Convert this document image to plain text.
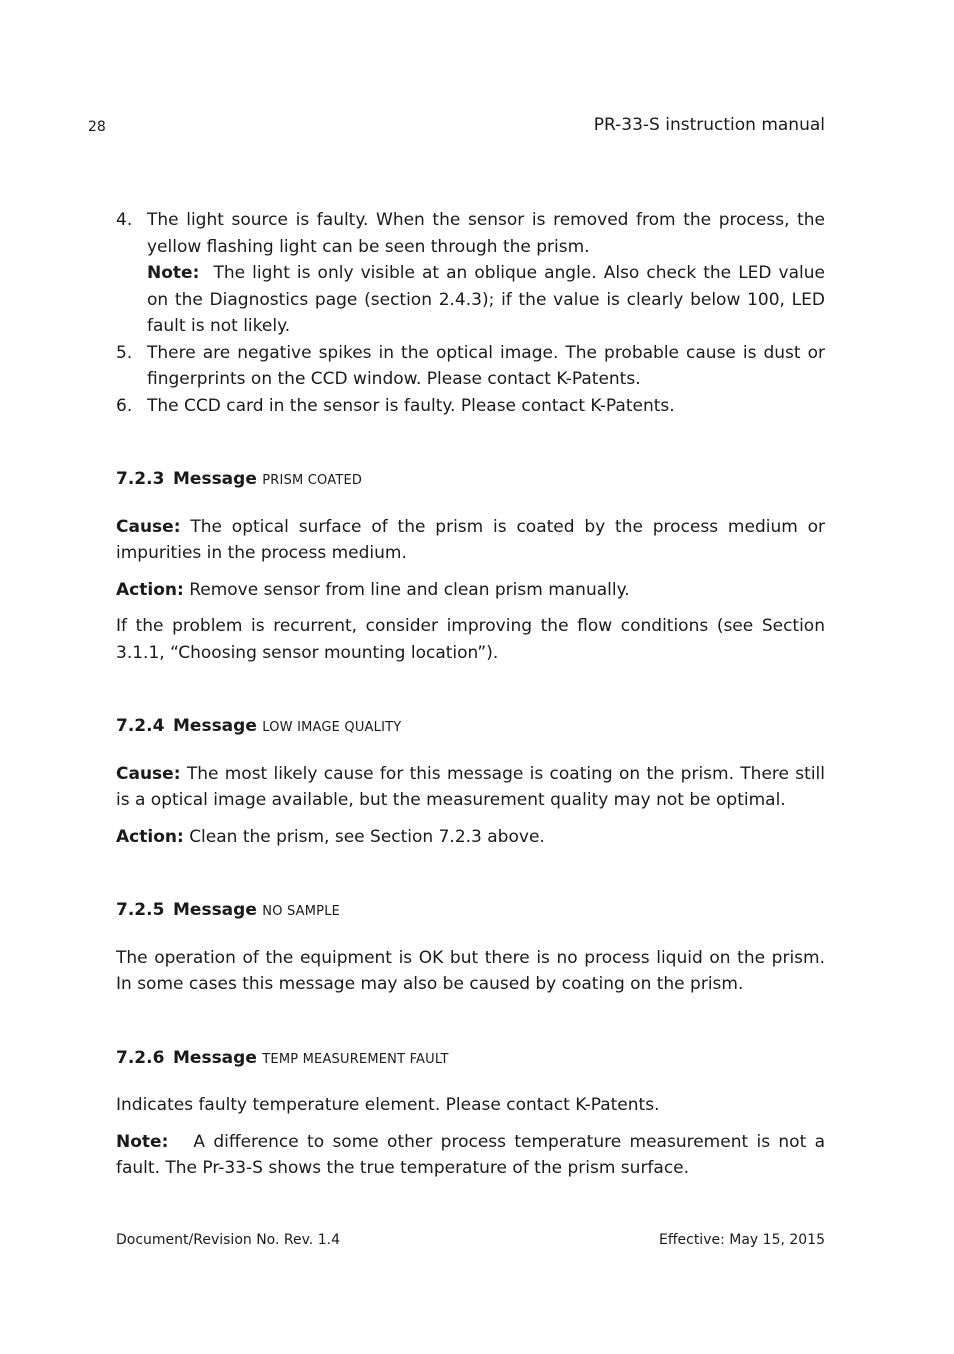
28	PR-33-S instruction manual
4. The light source is faulty. When the sensor is removed from the process, the yellow flashing light can be seen through the prism.
Note: The light is only visible at an oblique angle. Also check the LED value on the Diagnostics page (section 2.4.3); if the value is clearly below 100, LED fault is not likely.
5. There are negative spikes in the optical image. The probable cause is dust or fingerprints on the CCD window. Please contact K-Patents.
6. The CCD card in the sensor is faulty. Please contact K-Patents.
7.2.3 Message PRISM COATED

Cause: The optical surface of the prism is coated by the process medium or impurities in the process medium.

Action: Remove sensor from line and clean prism manually.

If the problem is recurrent, consider improving the flow conditions (see Section 3.1.1, “Choosing sensor mounting location”).

7.2.4 Message LOW IMAGE QUALITY

Cause: The most likely cause for this message is coating on the prism. There still is a optical image available, but the measurement quality may not be optimal.

Action: Clean the prism, see Section 7.2.3 above.

7.2.5 Message NO SAMPLE

The operation of the equipment is OK but there is no process liquid on the prism. In some cases this message may also be caused by coating on the prism.

7.2.6 Message TEMP MEASUREMENT FAULT

Indicates faulty temperature element. Please contact K-Patents.

Note: A difference to some other process temperature measurement is not a fault. The Pr-33-S shows the true temperature of the prism surface.

Document/Revision No. Rev. 1.4	Effective: May 15, 2015
